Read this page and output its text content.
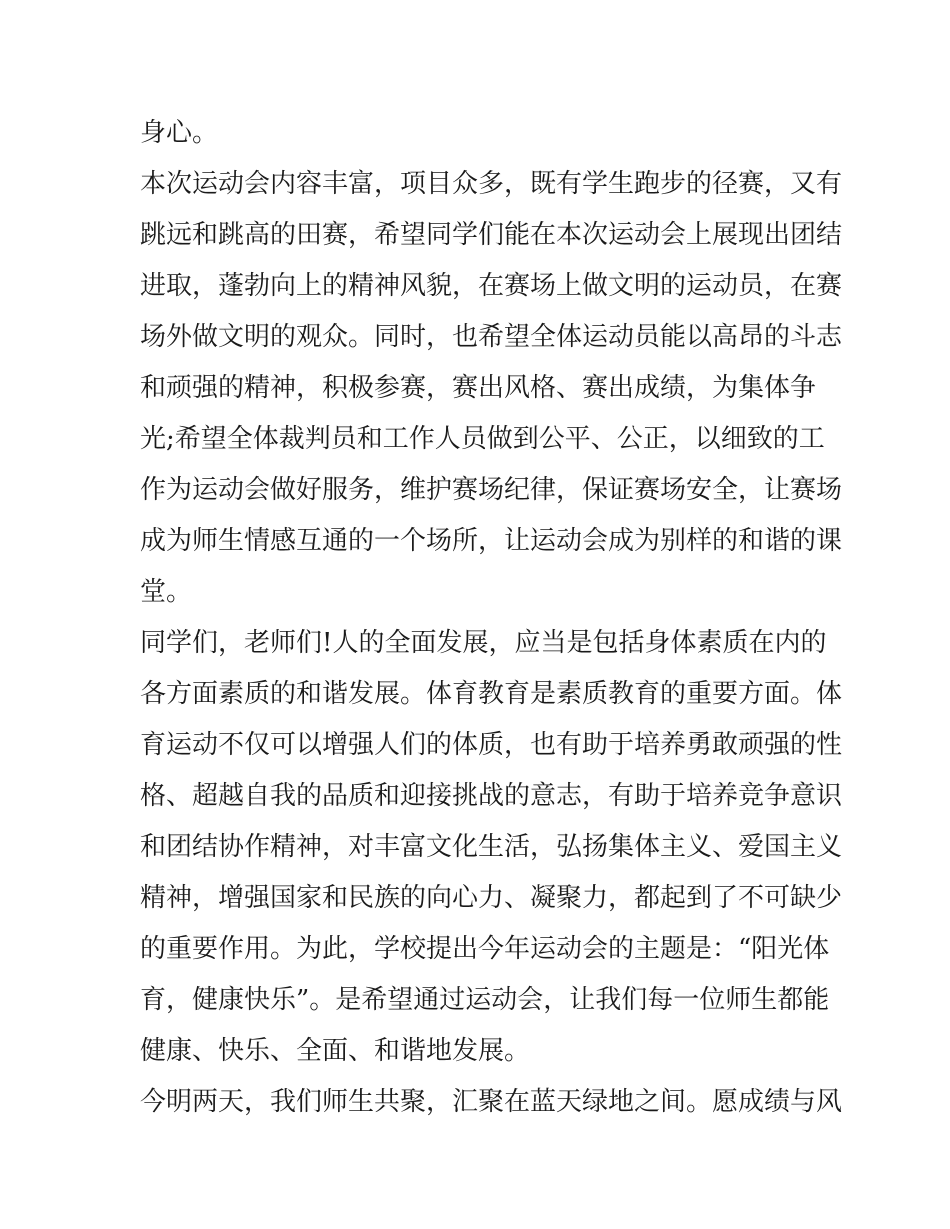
身心。
本次运动会内容丰富，项目众多，既有学生跑步的径赛，又有
跳远和跳高的田赛，希望同学们能在本次运动会上展现出团结
进取，蓬勃向上的精神风貌，在赛场上做文明的运动员，在赛
场外做文明的观众。同时，也希望全体运动员能以高昂的斗志
和顽强的精神，积极参赛，赛出风格、赛出成绩，为集体争
光;希望全体裁判员和工作人员做到公平、公正，以细致的工
作为运动会做好服务，维护赛场纪律，保证赛场安全，让赛场
成为师生情感互通的一个场所，让运动会成为别样的和谐的课
堂。
同学们，老师们!人的全面发展，应当是包括身体素质在内的
各方面素质的和谐发展。体育教育是素质教育的重要方面。体
育运动不仅可以增强人们的体质，也有助于培养勇敢顽强的性
格、超越自我的品质和迎接挑战的意志，有助于培养竞争意识
和团结协作精神，对丰富文化生活，弘扬集体主义、爱国主义
精神，增强国家和民族的向心力、凝聚力，都起到了不可缺少
的重要作用。为此，学校提出今年运动会的主题是：“阳光体
育，健康快乐”。是希望通过运动会，让我们每一位师生都能
健康、快乐、全面、和谐地发展。
今明两天，我们师生共聚，汇聚在蓝天绿地之间。愿成绩与风
